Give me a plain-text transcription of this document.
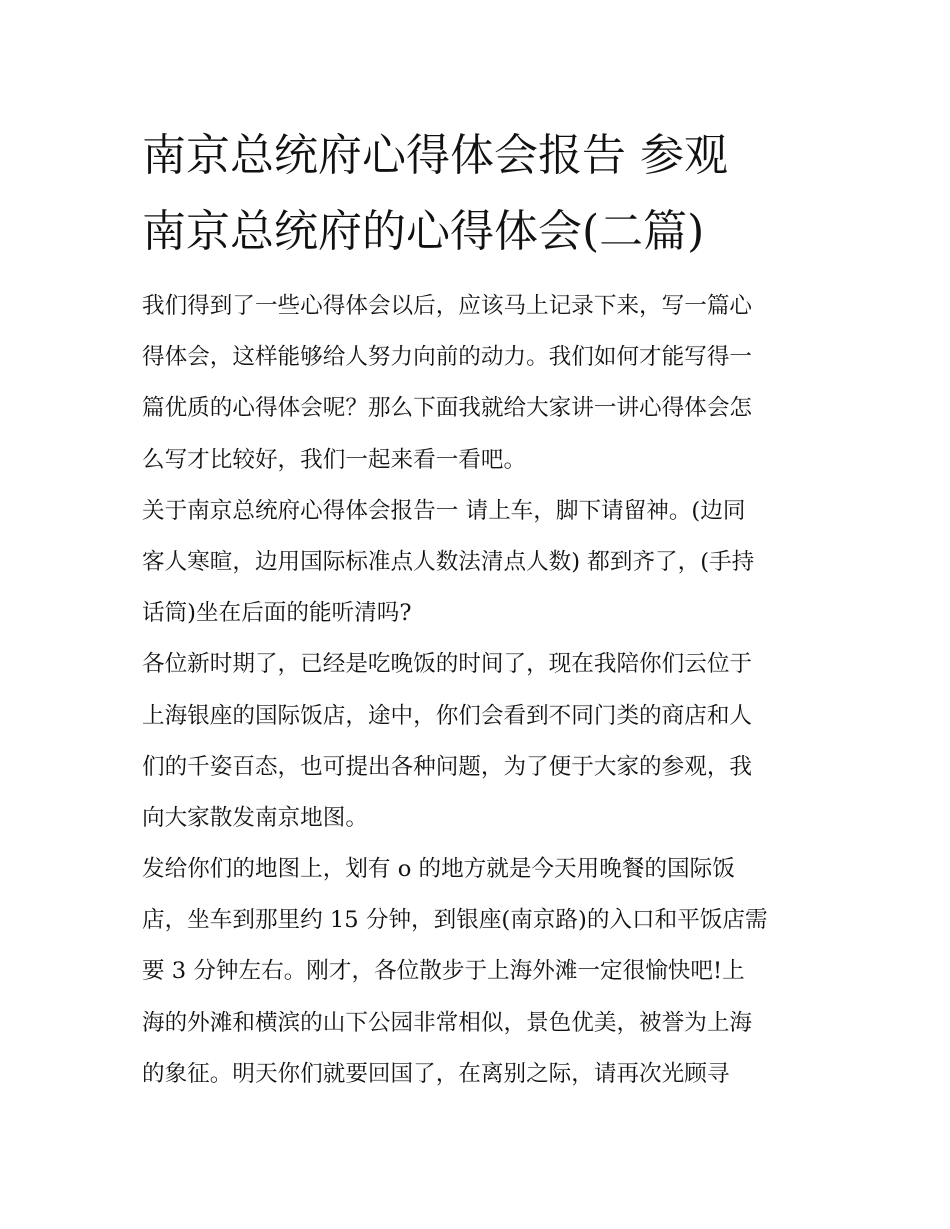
南京总统府心得体会报告 参观
南京总统府的心得体会(二篇)
我们得到了一些心得体会以后，应该马上记录下来，写一篇心
得体会，这样能够给人努力向前的动力。我们如何才能写得一
篇优质的心得体会呢？那么下面我就给大家讲一讲心得体会怎
么写才比较好，我们一起来看一看吧。
关于南京总统府心得体会报告一 请上车，脚下请留神。(边同
客人寒暄，边用国际标准点人数法清点人数) 都到齐了，(手持
话筒)坐在后面的能听清吗?
各位新时期了，已经是吃晚饭的时间了，现在我陪你们云位于
上海银座的国际饭店，途中，你们会看到不同门类的商店和人
们的千姿百态，也可提出各种问题，为了便于大家的参观，我
向大家散发南京地图。
发给你们的地图上，划有 o 的地方就是今天用晚餐的国际饭
店，坐车到那里约 15 分钟，到银座(南京路)的入口和平饭店需
要 3 分钟左右。刚才，各位散步于上海外滩一定很愉快吧!上
海的外滩和横滨的山下公园非常相似，景色优美，被誉为上海
的象征。明天你们就要回国了，在离别之际，请再次光顾寻
